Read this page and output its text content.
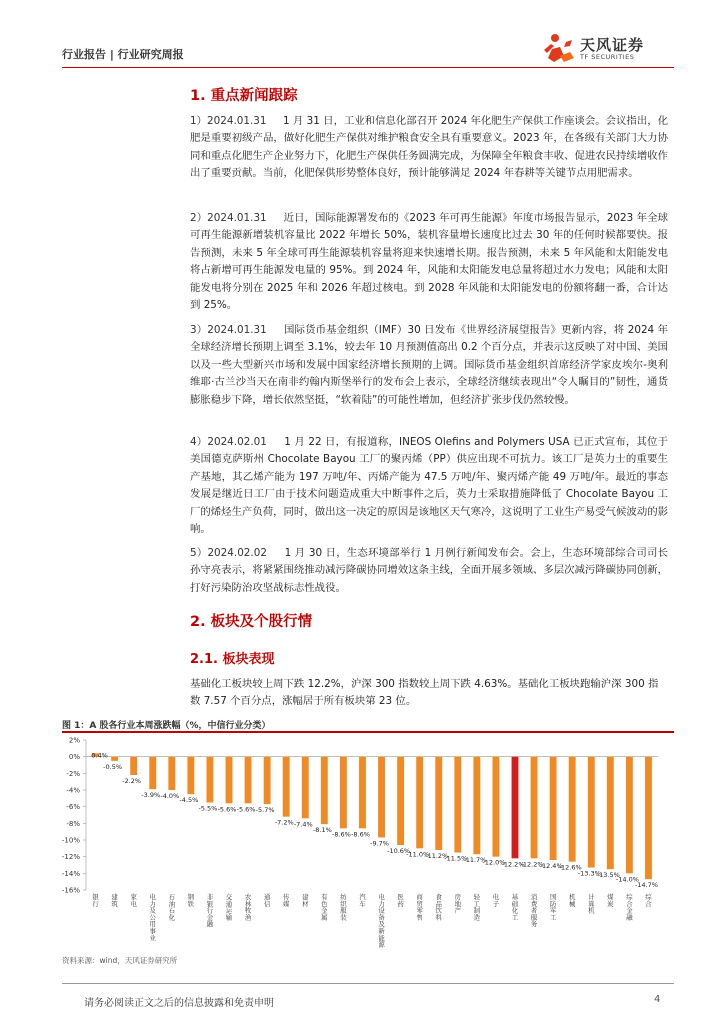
行业报告 | 行业研究周报
天风证券
TF SECURITIES
1. 重点新闻跟踪
1）2024.01.31 1 月 31 日，工业和信息化部召开 2024 年化肥生产保供工作座谈会。会议指出，化肥是重要初级产品，做好化肥生产保供对维护粮食安全具有重要意义。2023 年，在各级有关部门大力协同和重点化肥生产企业努力下，化肥生产保供任务圆满完成，为保障全年粮食丰收、促进农民持续增收作出了重要贡献。当前，化肥保供形势整体良好，预计能够满足 2024 年春耕等关键节点用肥需求。
2）2024.01.31 近日，国际能源署发布的《2023 年可再生能源》年度市场报告显示，2023 年全球可再生能源新增装机容量比 2022 年增长 50%，装机容量增长速度比过去 30 年的任何时候都要快。报告预测，未来 5 年全球可再生能源装机容量将迎来快速增长期。报告预测，未来 5 年风能和太阳能发电将占新增可再生能源发电量的 95%。到 2024 年，风能和太阳能发电总量将超过水力发电；风能和太阳能发电将分别在 2025 年和 2026 年超过核电。到 2028 年风能和太阳能发电的份额将翻一番，合计达到 25%。
3）2024.01.31 国际货币基金组织（IMF）30 日发布《世界经济展望报告》更新内容，将 2024 年全球经济增长预期上调至 3.1%，较去年 10 月预测值高出 0.2 个百分点，并表示这反映了对中国、美国以及一些大型新兴市场和发展中国家经济增长预期的上调。国际货币基金组织首席经济学家皮埃尔-奥利维耶·古兰沙当天在南非约翰内斯堡举行的发布会上表示，全球经济继续表现出“令人瞩目的”韧性，通货膨胀稳步下降，增长依然坚挺，“软着陆”的可能性增加，但经济扩张步伐仍然较慢。
4）2024.02.01 1 月 22 日，有报道称，INEOS Olefins and Polymers USA 已正式宣布，其位于美国德克萨斯州 Chocolate Bayou 工厂的聚丙烯（PP）供应出现不可抗力。该工厂是英力士的重要生产基地，其乙烯产能为 197 万吨/年、丙烯产能为 47.5 万吨/年、聚丙烯产能 49 万吨/年。最近的事态发展是继近日工厂由于技术问题造成重大中断事件之后，英力士采取措施降低了 Chocolate Bayou 工厂的烯烃生产负荷，同时，做出这一决定的原因是该地区天气寒冷，这说明了工业生产易受气候波动的影响。
5）2024.02.02 1 月 30 日，生态环境部举行 1 月例行新闻发布会。会上，生态环境部综合司司长孙守亮表示，将紧紧围绕推动减污降碳协同增效这条主线，全面开展多领域、多层次减污降碳协同创新，打好污染防治攻坚战标志性战役。
2. 板块及个股行情
2.1. 板块表现
基础化工板块较上周下跌 12.2%，沪深 300 指数较上周下跌 4.63%。基础化工板块跑输沪深 300 指数 7.57 个百分点，涨幅居于所有板块第 23 位。
图 1：A 股各行业本周涨跌幅（%，中信行业分类）
2%
0%
-2%
-4%
-6%
-8%
-10%
-12%
-14%
-16%
0.4%
银
行
-0.5%
建
筑
-2.2%
家
电
-3.9%
电
力
及
公
用
事
业
-4.0%
石
油
石
化
-4.5%
钢
铁
-5.5%
非
银
行
金
融
-5.6%
交
通
运
输
-5.6%
农
林
牧
渔
-5.7%
通
信
-7.2%
传
媒
-7.4%
建
材
-8.1%
有
色
金
属
-8.6%
纺
织
服
装
-8.6%
汽
车
-9.7%
电
力
设
备
及
新
能
源
-10.6%
医
药
-11.0%
商
贸
零
售
-11.2%
食
品
饮
料
-11.5%
房
地
产
-11.7%
轻
工
制
造
-12.0%
电
子
-12.2%
基
础
化
工
-12.2%
消
费
者
服
务
-12.4%
国
防
军
工
-12.6%
机
械
-13.3%
计
算
机
-13.5%
煤
炭
-14.0%
综
合
金
融
-14.7%
综
合
资料来源：wind，天风证券研究所
请务必阅读正文之后的信息披露和免责申明	4
